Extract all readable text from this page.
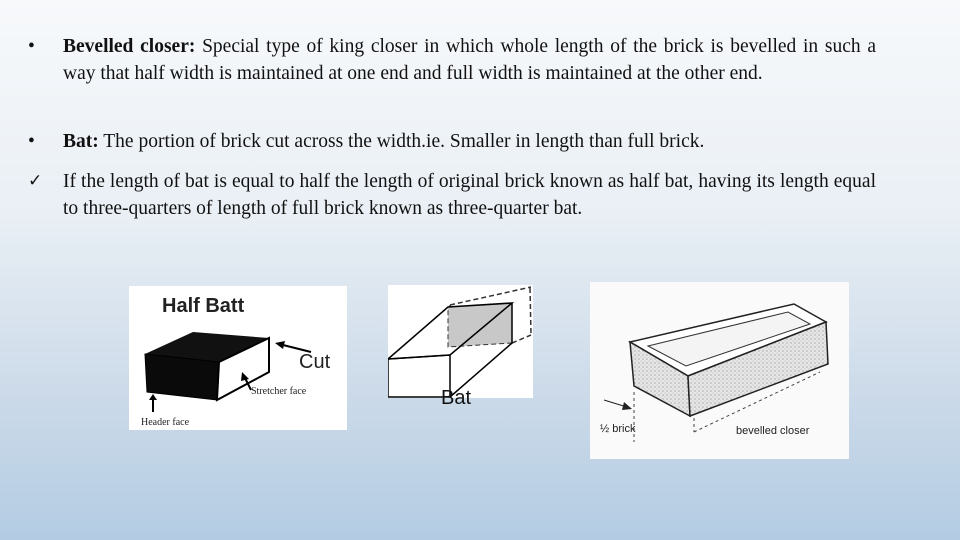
• Bevelled closer: Special type of king closer in which whole length of the brick is bevelled in such a way that half width is maintained at one end and full width is maintained at the other end.
• Bat: The portion of brick cut across the width.ie. Smaller in length than full brick.
✓ If the length of bat is equal to half the length of original brick known as half bat, having its length equal to three-quarters of length of full brick known as three-quarter bat.
Half Batt
Cut
Stretcher face
Header face
Bat
½ brick	bevelled closer
